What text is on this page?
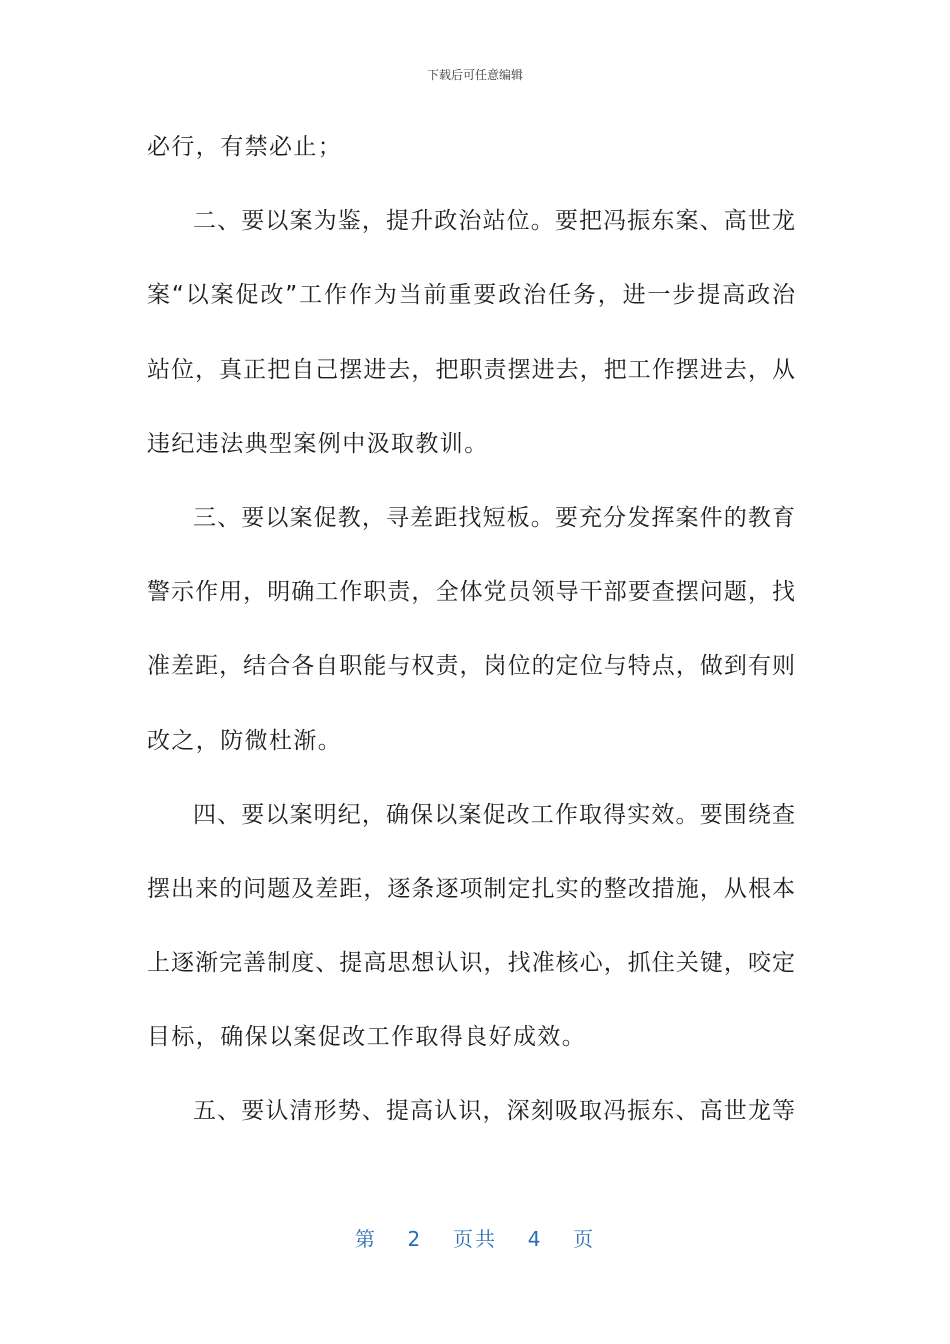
下载后可任意编辑
必行，有禁必止；
二、要以案为鉴，提升政治站位。要把冯振东案、高世龙
案“以案促改”工作作为当前重要政治任务，进一步提高政治
站位，真正把自己摆进去，把职责摆进去，把工作摆进去，从
违纪违法典型案例中汲取教训。
三、要以案促教，寻差距找短板。要充分发挥案件的教育
警示作用，明确工作职责，全体党员领导干部要查摆问题，找
准差距，结合各自职能与权责，岗位的定位与特点，做到有则
改之，防微杜渐。
四、要以案明纪，确保以案促改工作取得实效。要围绕查
摆出来的问题及差距，逐条逐项制定扎实的整改措施，从根本
上逐渐完善制度、提高思想认识，找准核心，抓住关键，咬定
目标，确保以案促改工作取得良好成效。
五、要认清形势、提高认识，深刻吸取冯振东、高世龙等
第 2 页共 4 页
